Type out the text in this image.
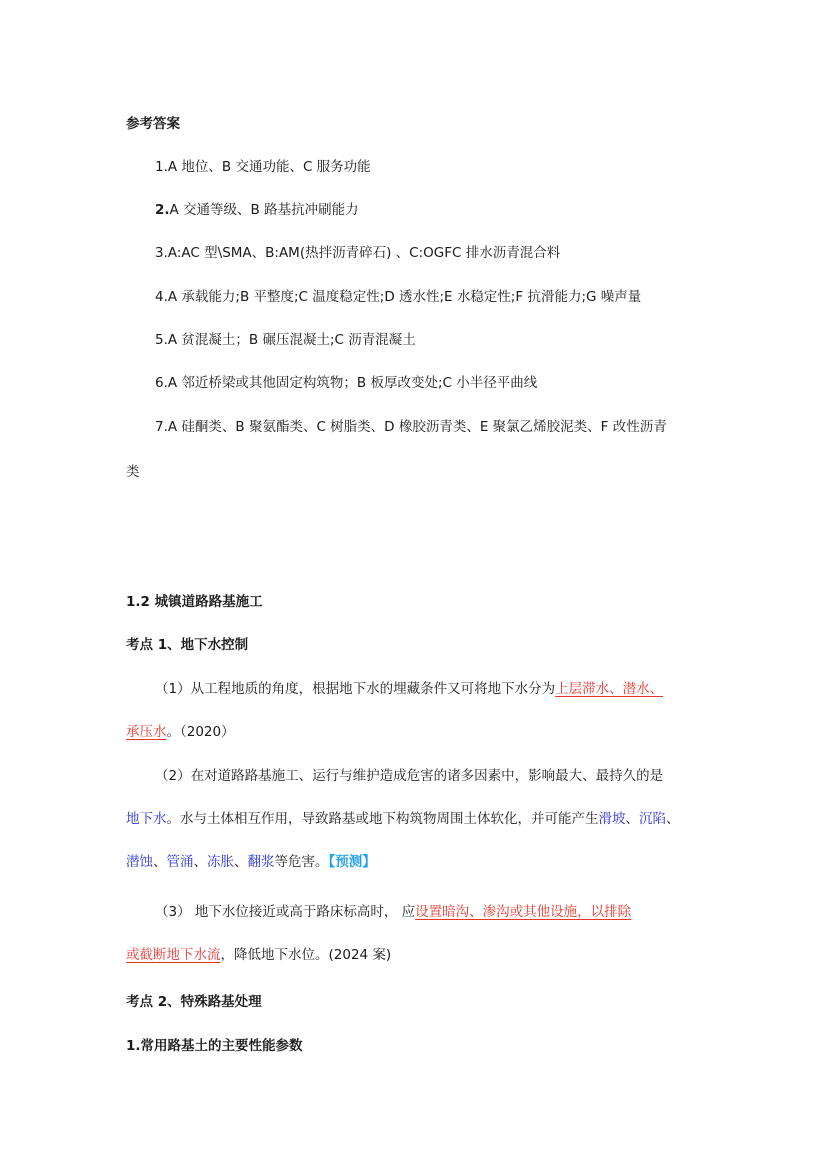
参考答案
1.A 地位、B 交通功能、C 服务功能
2.A 交通等级、B 路基抗冲刷能力
3.A:AC 型\SMA、B:AM(热拌沥青碎石) 、C:OGFC 排水沥青混合料
4.A 承载能力;B 平整度;C 温度稳定性;D 透水性;E 水稳定性;F 抗滑能力;G 噪声量
5.A 贫混凝土；B 碾压混凝土;C 沥青混凝土
6.A 邻近桥梁或其他固定构筑物；B 板厚改变处;C 小半径平曲线
7.A 硅酮类、B 聚氨酯类、C 树脂类、D 橡胶沥青类、E 聚氯乙烯胶泥类、F 改性沥青
类
1.2 城镇道路路基施工
考点 1、地下水控制
（1）从工程地质的角度，根据地下水的埋藏条件又可将地下水分为上层滞水、潜水、
承压水。（2020）
（2）在对道路路基施工、运行与维护造成危害的诸多因素中，影响最大、最持久的是
地下水。水与土体相互作用，导致路基或地下构筑物周围土体软化，并可能产生滑坡、沉陷、
潜蚀、管涌、冻胀、翻浆等危害。【预测】
（3） 地下水位接近或高于路床标高时， 应设置暗沟、渗沟或其他设施，以排除
或截断地下水流，降低地下水位。(2024 案)
考点 2、特殊路基处理
1.常用路基土的主要性能参数
